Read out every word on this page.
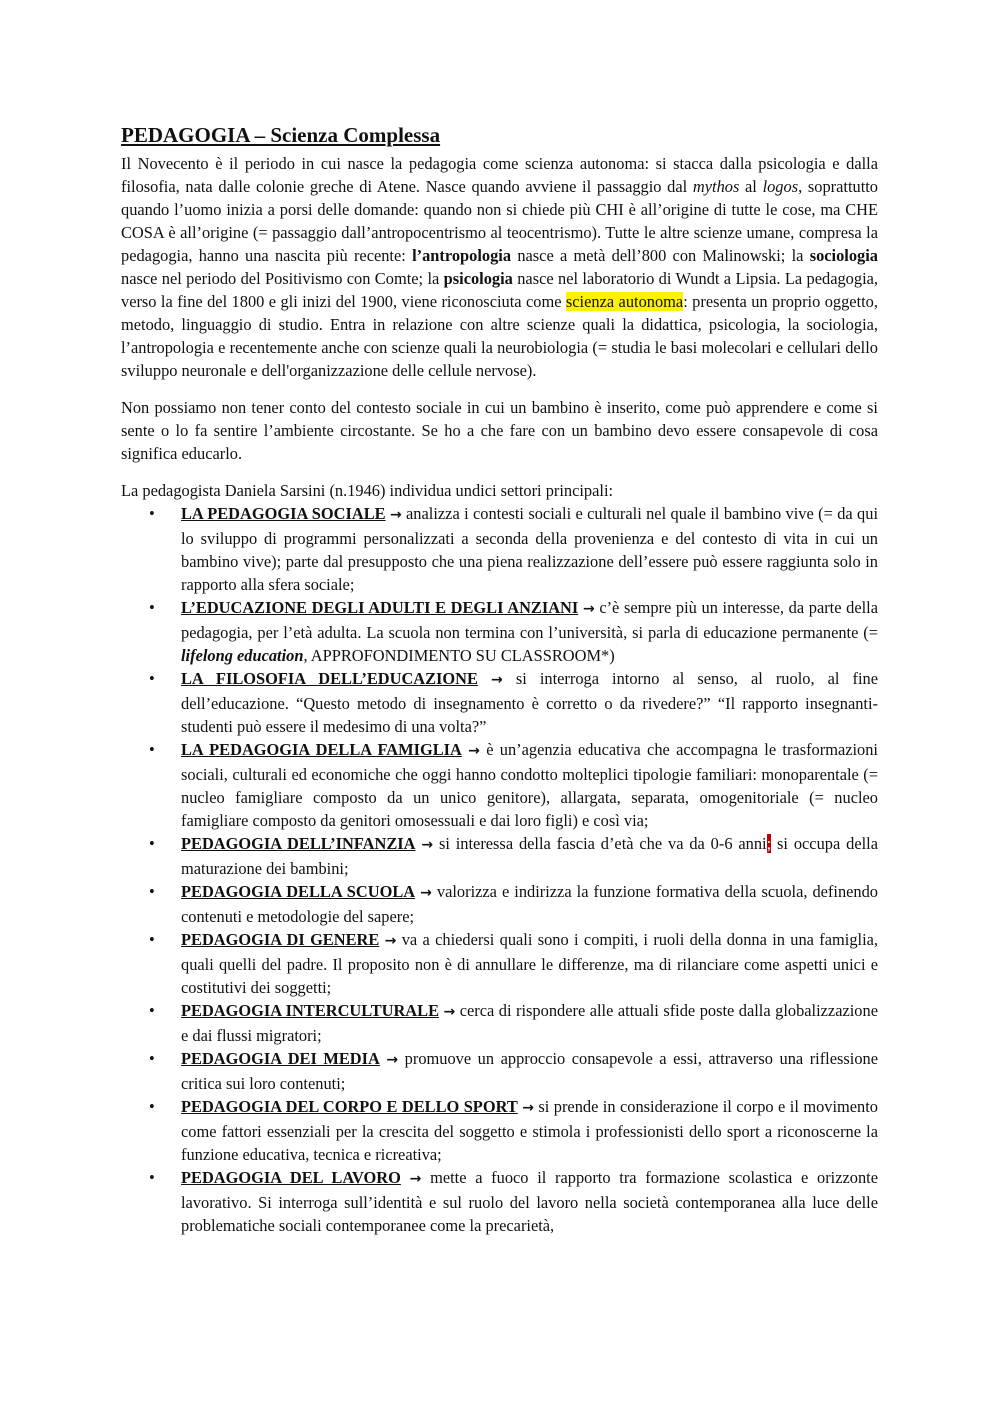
PEDAGOGIA – Scienza Complessa

Il Novecento è il periodo in cui nasce la pedagogia come scienza autonoma: si stacca dalla psicologia e dalla filosofia, nata dalle colonie greche di Atene. Nasce quando avviene il passaggio dal mythos al logos, soprattutto quando l’uomo inizia a porsi delle domande: quando non si chiede più CHI è all’origine di tutte le cose, ma CHE COSA è all’origine (= passaggio dall’antropocentrismo al teocentrismo). Tutte le altre scienze umane, compresa la pedagogia, hanno una nascita più recente: l’antropologia nasce a metà dell’800 con Malinowski; la sociologia nasce nel periodo del Positivismo con Comte; la psicologia nasce nel laboratorio di Wundt a Lipsia. La pedagogia, verso la fine del 1800 e gli inizi del 1900, viene riconosciuta come scienza autonoma: presenta un proprio oggetto, metodo, linguaggio di studio. Entra in relazione con altre scienze quali la didattica, psicologia, la sociologia, l’antropologia e recentemente anche con scienze quali la neurobiologia (= studia le basi molecolari e cellulari dello sviluppo neuronale e dell'organizzazione delle cellule nervose).

Non possiamo non tener conto del contesto sociale in cui un bambino è inserito, come può apprendere e come si sente o lo fa sentire l’ambiente circostante. Se ho a che fare con un bambino devo essere consapevole di cosa significa educarlo.

La pedagogista Daniela Sarsini (n.1946) individua undici settori principali:

• LA PEDAGOGIA SOCIALE → analizza i contesti sociali e culturali nel quale il bambino vive (= da qui lo sviluppo di programmi personalizzati a seconda della provenienza e del contesto di vita in cui un bambino vive); parte dal presupposto che una piena realizzazione dell’essere può essere raggiunta solo in rapporto alla sfera sociale;
• L’EDUCAZIONE DEGLI ADULTI E DEGLI ANZIANI → c’è sempre più un interesse, da parte della pedagogia, per l’età adulta. La scuola non termina con l’università, si parla di educazione permanente (= lifelong education, APPROFONDIMENTO SU CLASSROOM*)
• LA FILOSOFIA DELL’EDUCAZIONE → si interroga intorno al senso, al ruolo, al fine dell’educazione. “Questo metodo di insegnamento è corretto o da rivedere?” “Il rapporto insegnanti-studenti può essere il medesimo di una volta?”
• LA PEDAGOGIA DELLA FAMIGLIA → è un’agenzia educativa che accompagna le trasformazioni sociali, culturali ed economiche che oggi hanno condotto molteplici tipologie familiari: monoparentale (= nucleo famigliare composto da un unico genitore), allargata, separata, omogenitoriale (= nucleo famigliare composto da genitori omosessuali e dai loro figli) e così via;
• PEDAGOGIA DELL’INFANZIA → si interessa della fascia d’età che va da 0-6 anni; si occupa della maturazione dei bambini;
• PEDAGOGIA DELLA SCUOLA → valorizza e indirizza la funzione formativa della scuola, definendo contenuti e metodologie del sapere;
• PEDAGOGIA DI GENERE → va a chiedersi quali sono i compiti, i ruoli della donna in una famiglia, quali quelli del padre. Il proposito non è di annullare le differenze, ma di rilanciare come aspetti unici e costitutivi dei soggetti;
• PEDAGOGIA INTERCULTURALE → cerca di rispondere alle attuali sfide poste dalla globalizzazione e dai flussi migratori;
• PEDAGOGIA DEI MEDIA → promuove un approccio consapevole a essi, attraverso una riflessione critica sui loro contenuti;
• PEDAGOGIA DEL CORPO E DELLO SPORT → si prende in considerazione il corpo e il movimento come fattori essenziali per la crescita del soggetto e stimola i professionisti dello sport a riconoscerne la funzione educativa, tecnica e ricreativa;
• PEDAGOGIA DEL LAVORO → mette a fuoco il rapporto tra formazione scolastica e orizzonte lavorativo. Si interroga sull’identità e sul ruolo del lavoro nella società contemporanea alla luce delle problematiche sociali contemporanee come la precarietà,
